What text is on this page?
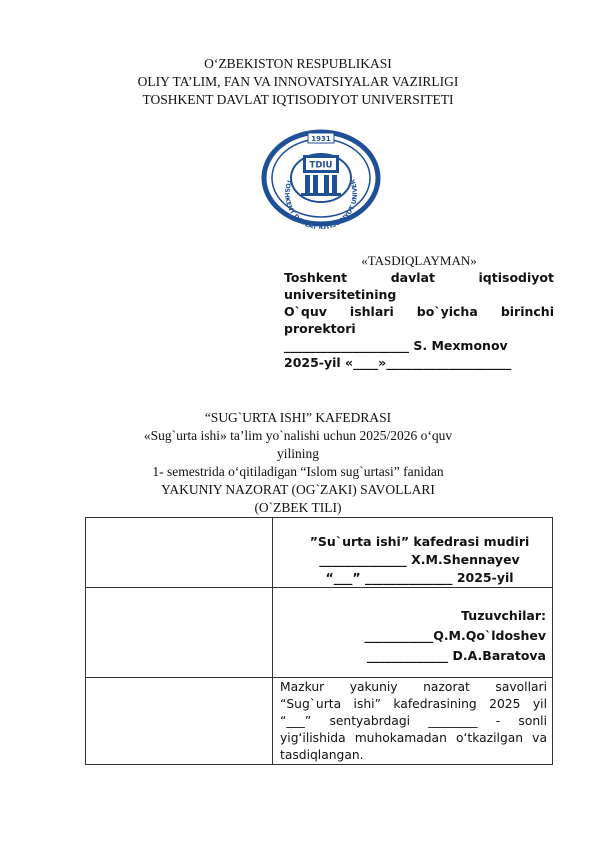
O‘ZBEKISTON RESPUBLIKASI
OLIY TA’LIM, FAN VA INNOVATSIYALAR VAZIRLIGI
TOSHKENT DAVLAT IQTISODIYOT UNIVERSITETI
1931
TDIU
TOSHKENT DAVLAT IQTISODIYOT UNIVER
«TASDIQLAYMAN»
Toshkent davlat iqtisodiyot
universitetining
O`quv ishlari bo`yicha birinchi
prorektori
____________________ S. Mexmonov
2025-yil «____»____________________
“SUG`URTA ISHI” KAFEDRASI
«Sug`urta ishi» ta’lim yo`nalishi uchun 2025/2026 o‘quv
yilining
1- semestrida o‘qitiladigan “Islom sug`urtasi” fanidan
YAKUNIY NAZORAT (OG`ZAKI) SAVOLLARI
(O`ZBEK TILI)

	”Su`urta ishi” kafedrasi mudiri
______________ X.M.Shennayev
“___” ______________ 2025-yil

	Tuzuvchilar:
___________Q.M.Qo`ldoshev
_____________ D.A.Baratova

	Mazkur yakuniy nazorat savollari “Sug`urta ishi” kafedrasining 2025 yil “___” sentyabrdagi ________ - sonli yig‘ilishida muhokamadan o‘tkazilgan va tasdiqlangan.
